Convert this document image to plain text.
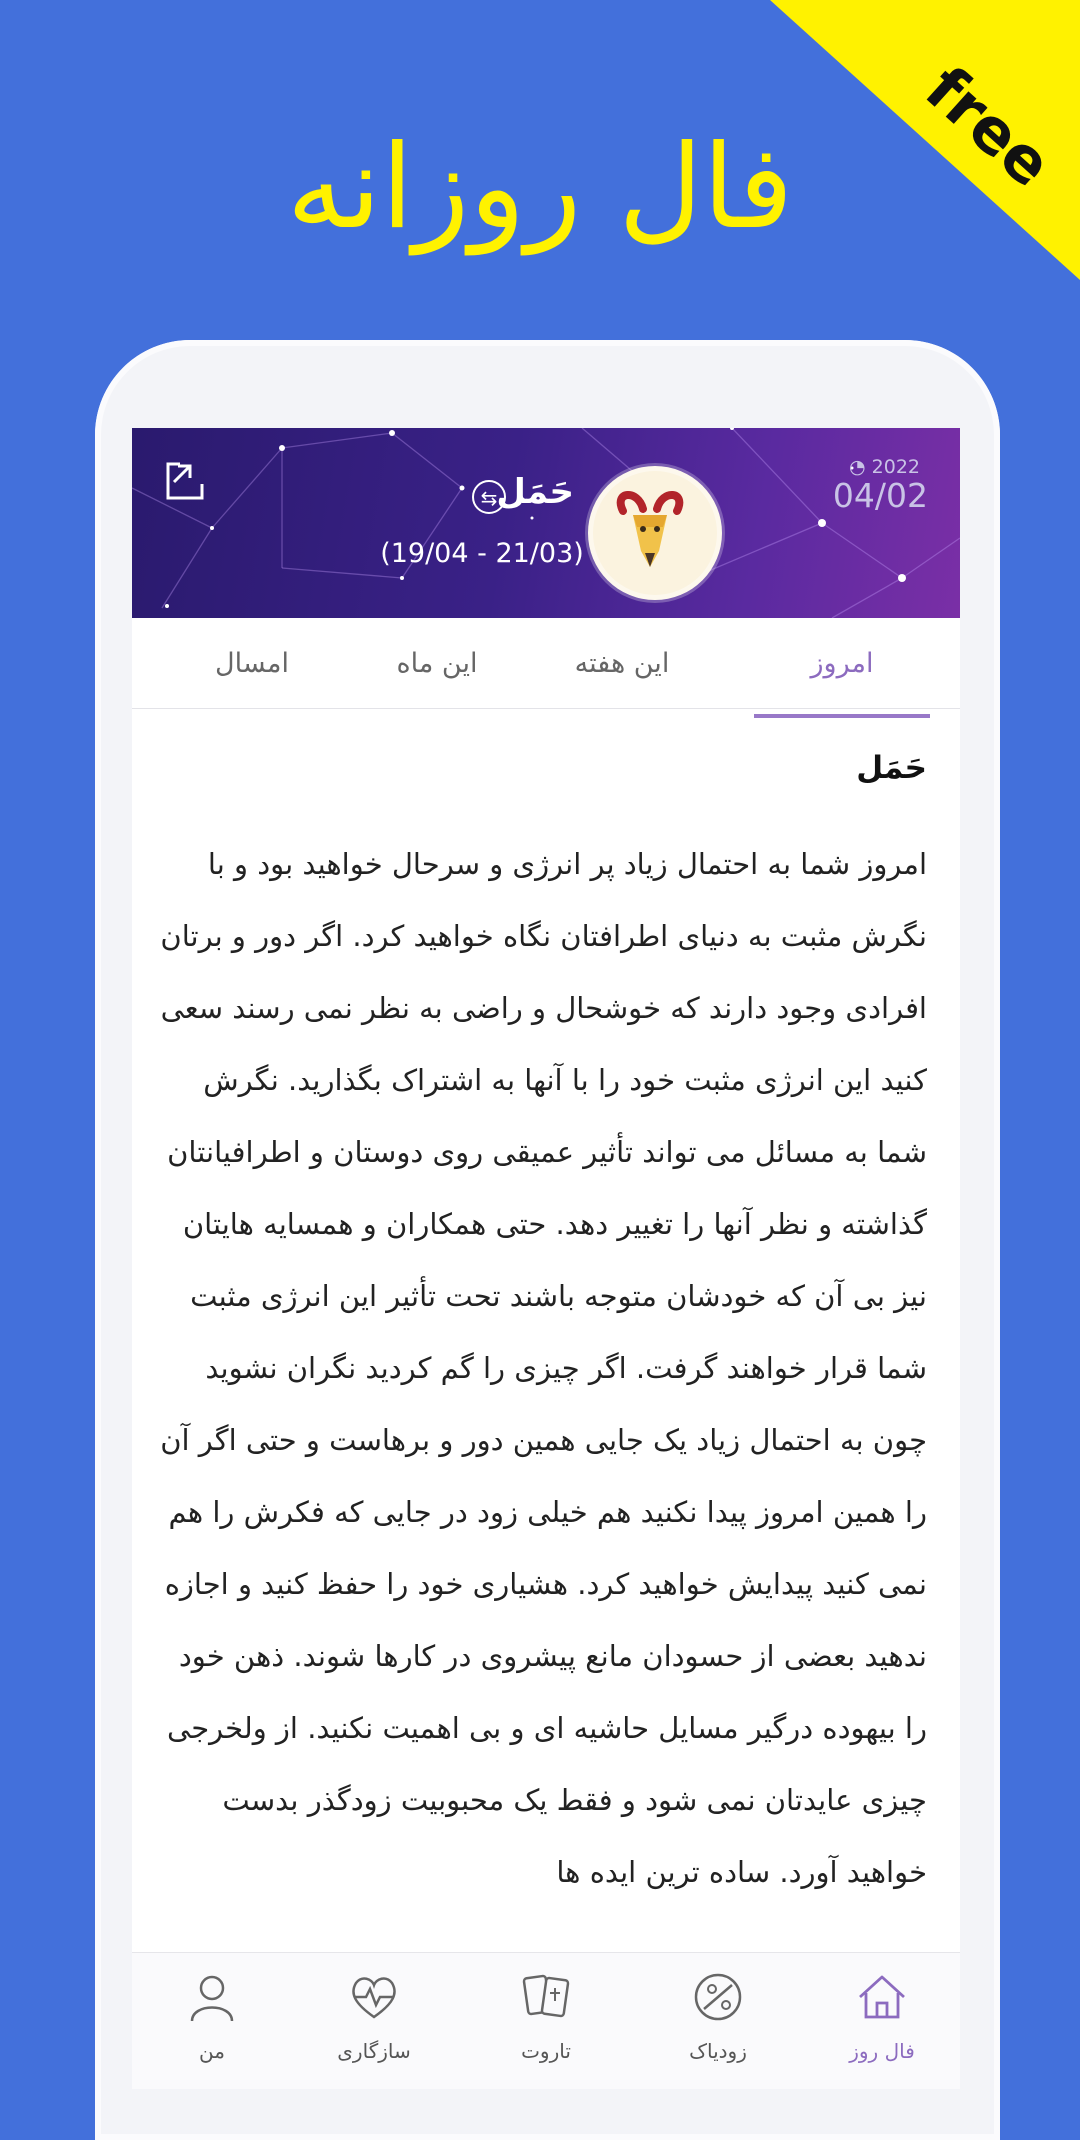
free
فال روزانه
⇆
حَمَل
(19/04 - 21/03)
◔ 2022
04/02
امسال	این ماه	این هفته	امروز
حَمَل
امروز شما به احتمال زیاد پر انرژی و سرحال خواهید بود و با نگرش مثبت به دنیای اطرافتان نگاه خواهید کرد. اگر دور و برتان افرادی وجود دارند که خوشحال و راضی به نظر نمی رسند سعی کنید این انرژی مثبت خود را با آنها به اشتراک بگذارید. نگرش شما به مسائل می تواند تأثیر عمیقی روی دوستان و اطرافیانتان گذاشته و نظر آنها را تغییر دهد. حتی همکاران و همسایه هایتان نیز بی آن که خودشان متوجه باشند تحت تأثیر این انرژی مثبت شما قرار خواهند گرفت. اگر چیزی را گم کردید نگران نشوید چون به احتمال زیاد یک جایی همین دور و برهاست و حتی اگر آن را همین امروز پیدا نکنید هم خیلی زود در جایی که فکرش را هم نمی کنید پیدایش خواهید کرد. هشیاری خود را حفظ کنید و اجازه ندهید بعضی از حسودان مانع پیشروی در کارها شوند. ذهن خود را بیهوده درگیر مسایل حاشیه ای و بی اهمیت نکنید. از ولخرجی چیزی عایدتان نمی شود و فقط یک محبوبیت زودگذر بدست خواهید آورد. ساده ترین ایده ها
من	سازگاری	تاروت	زودیاک	فال روز
